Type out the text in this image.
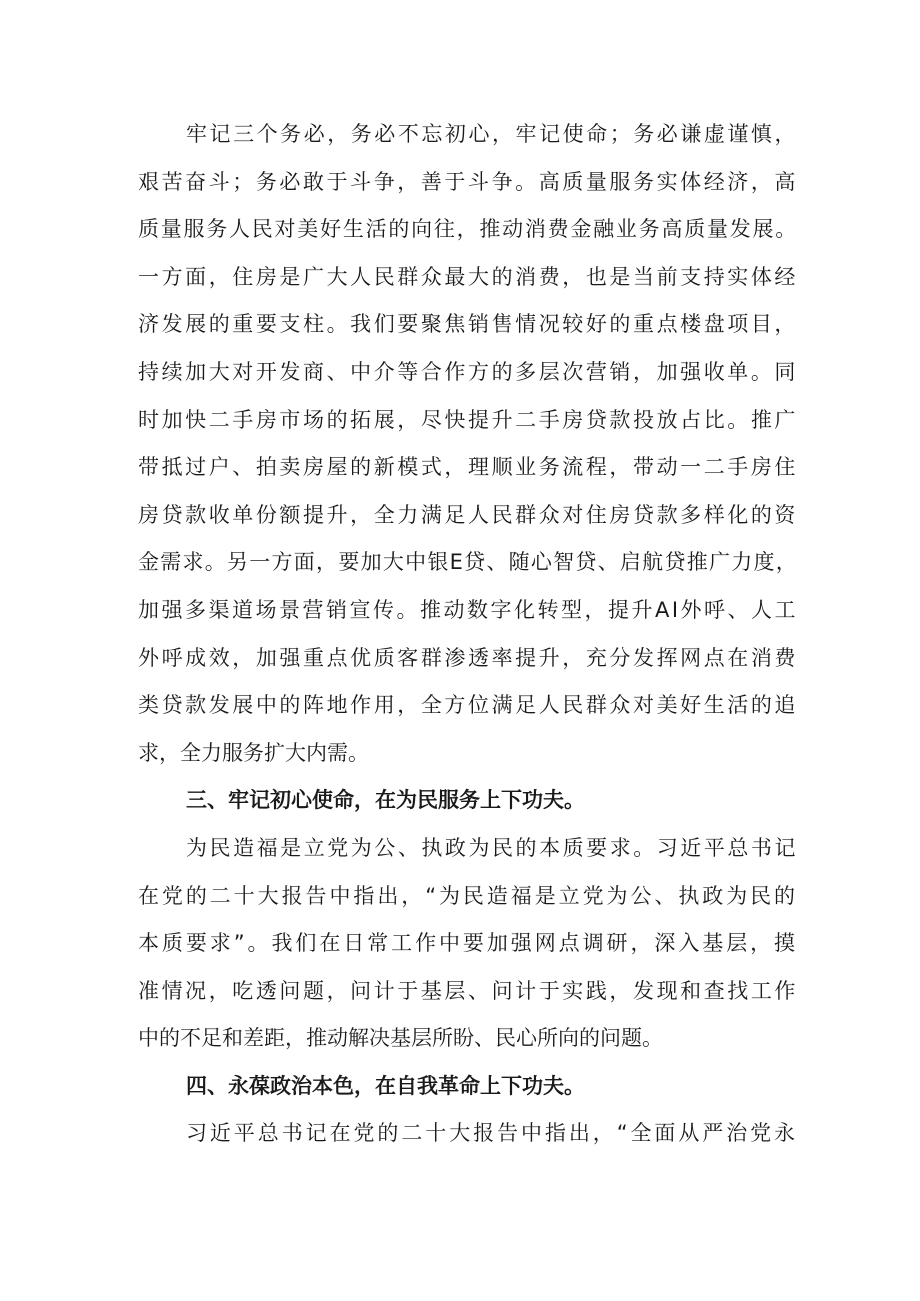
牢记三个务必，务必不忘初心，牢记使命；务必谦虚谨慎，
艰苦奋斗；务必敢于斗争，善于斗争。高质量服务实体经济，高
质量服务人民对美好生活的向往，推动消费金融业务高质量发展。
一方面，住房是广大人民群众最大的消费，也是当前支持实体经
济发展的重要支柱。我们要聚焦销售情况较好的重点楼盘项目，
持续加大对开发商、中介等合作方的多层次营销，加强收单。同
时加快二手房市场的拓展，尽快提升二手房贷款投放占比。推广
带抵过户、拍卖房屋的新模式，理顺业务流程，带动一二手房住
房贷款收单份额提升，全力满足人民群众对住房贷款多样化的资
金需求。另一方面，要加大中银E贷、随心智贷、启航贷推广力度，
加强多渠道场景营销宣传。推动数字化转型，提升AI外呼、人工
外呼成效，加强重点优质客群渗透率提升，充分发挥网点在消费
类贷款发展中的阵地作用，全方位满足人民群众对美好生活的追
求，全力服务扩大内需。
三、牢记初心使命，在为民服务上下功夫。
为民造福是立党为公、执政为民的本质要求。习近平总书记
在党的二十大报告中指出，“为民造福是立党为公、执政为民的
本质要求”。我们在日常工作中要加强网点调研，深入基层，摸
准情况，吃透问题，问计于基层、问计于实践，发现和查找工作
中的不足和差距，推动解决基层所盼、民心所向的问题。
四、永葆政治本色，在自我革命上下功夫。
习近平总书记在党的二十大报告中指出，“全面从严治党永
